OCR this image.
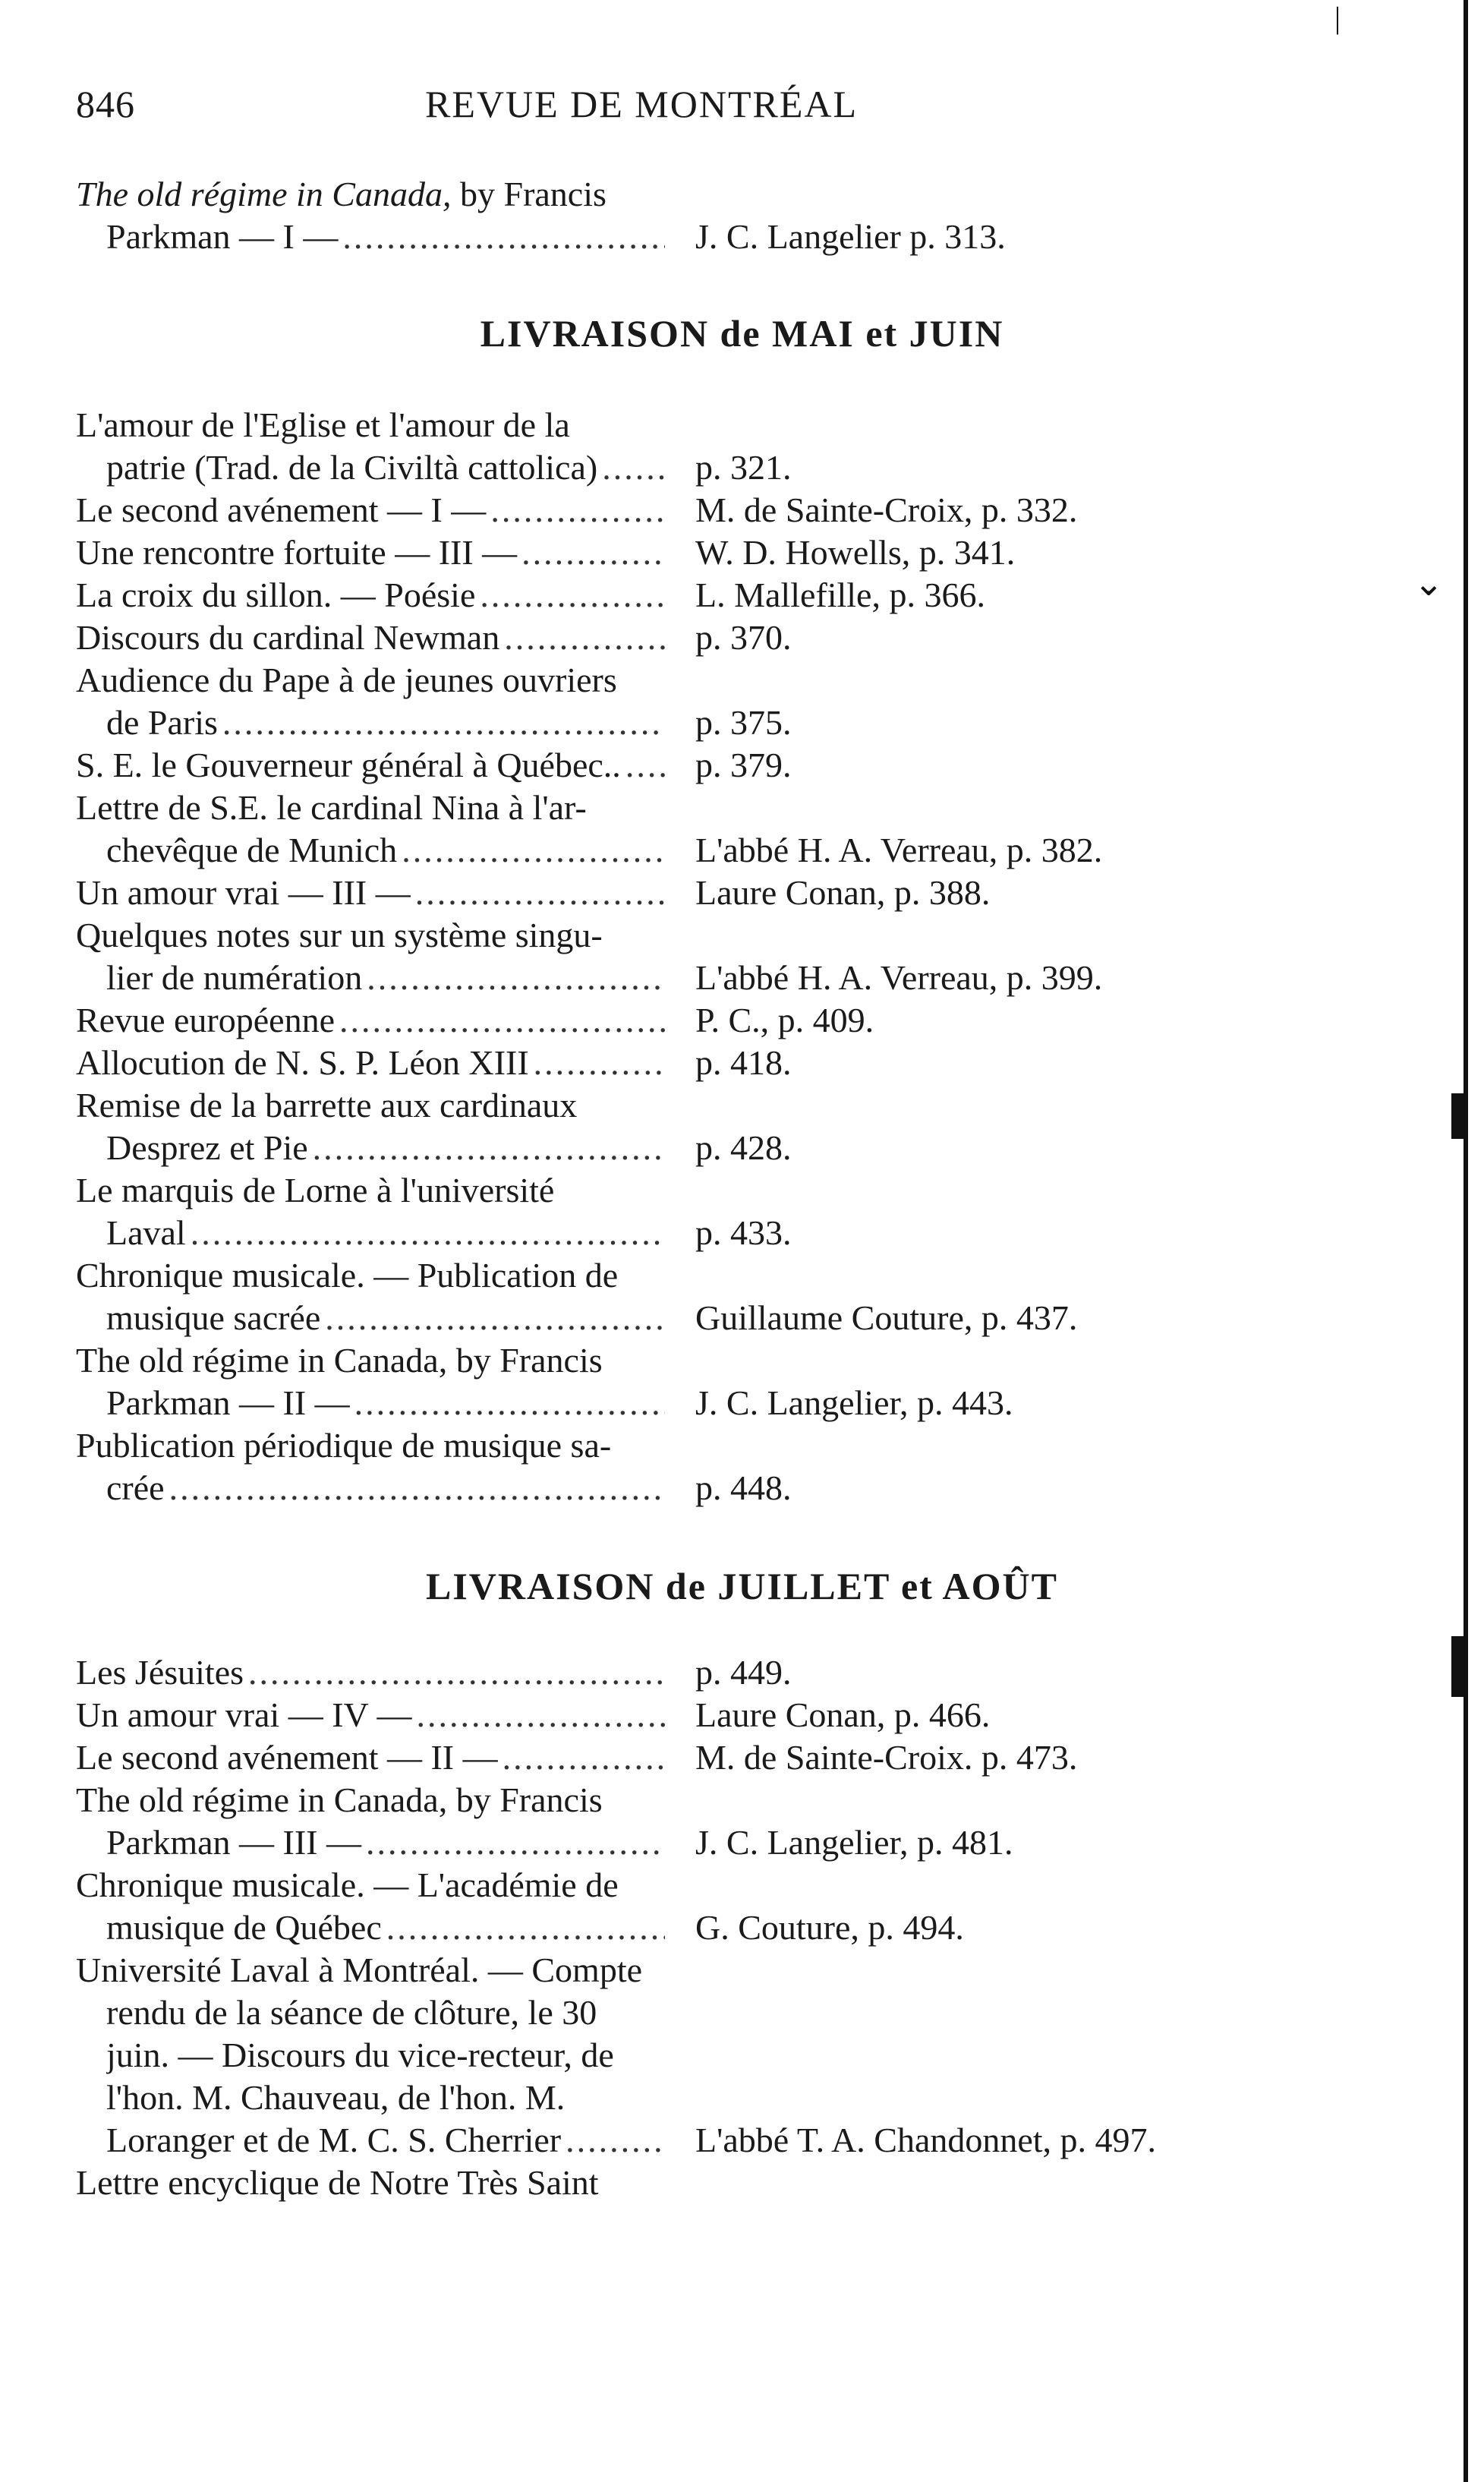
846	REVUE DE MONTRÉAL
The old régime in Canada, by Francis
Parkman — I — .....	J. C. Langelier p. 313.
LIVRAISON de MAI et JUIN
LIVRAISON de JUILLET et AOÛT
L'amour de l'Eglise et l'amour de la
patrie (Trad. de la Civiltà cattolica) .....	p. 321.
Le second avénement — I — .....	M. de Sainte-Croix, p. 332.
Une rencontre fortuite — III — .....	W. D. Howells, p. 341.
La croix du sillon. — Poésie .....	L. Mallefille, p. 366.
Discours du cardinal Newman .....	p. 370.
Audience du Pape à de jeunes ouvriers
de Paris .....	p. 375.
S. E. le Gouverneur général à Québec.. ..... p. 379.
Lettre de S.E. le cardinal Nina à l'ar-
chevêque de Munich .....	L'abbé H. A. Verreau, p. 382.
Un amour vrai — III — .....	Laure Conan, p. 388.
Quelques notes sur un système singu-
lier de numération .....	L'abbé H. A. Verreau, p. 399.
Revue européenne .....	P. C., p. 409.
Allocution de N. S. P. Léon XIII .....	p. 418.
Remise de la barrette aux cardinaux
Desprez et Pie .....	p. 428.
Le marquis de Lorne à l'université
Laval .....	p. 433.
Chronique musicale. — Publication de
musique sacrée .....	Guillaume Couture, p. 437.
The old régime in Canada, by Francis
Parkman — II — .....	J. C. Langelier, p. 443.
Publication périodique de musique sa-
crée .....	p. 448.
Les Jésuites .....	p. 449.
Un amour vrai — IV — .....	Laure Conan, p. 466.
Le second avénement — II — .....	M. de Sainte-Croix. p. 473.
The old régime in Canada, by Francis
Parkman — III — .....	J. C. Langelier, p. 481.
Chronique musicale. — L'académie de
musique de Québec .....	G. Couture, p. 494.
Université Laval à Montréal. — Compte
rendu de la séance de clôture, le 30
juin. — Discours du vice-recteur, de
l'hon. M. Chauveau, de l'hon. M.
Loranger et de M. C. S. Cherrier .....	L'abbé T. A. Chandonnet, p. 497.
Lettre encyclique de Notre Très Saint
⌄
|
